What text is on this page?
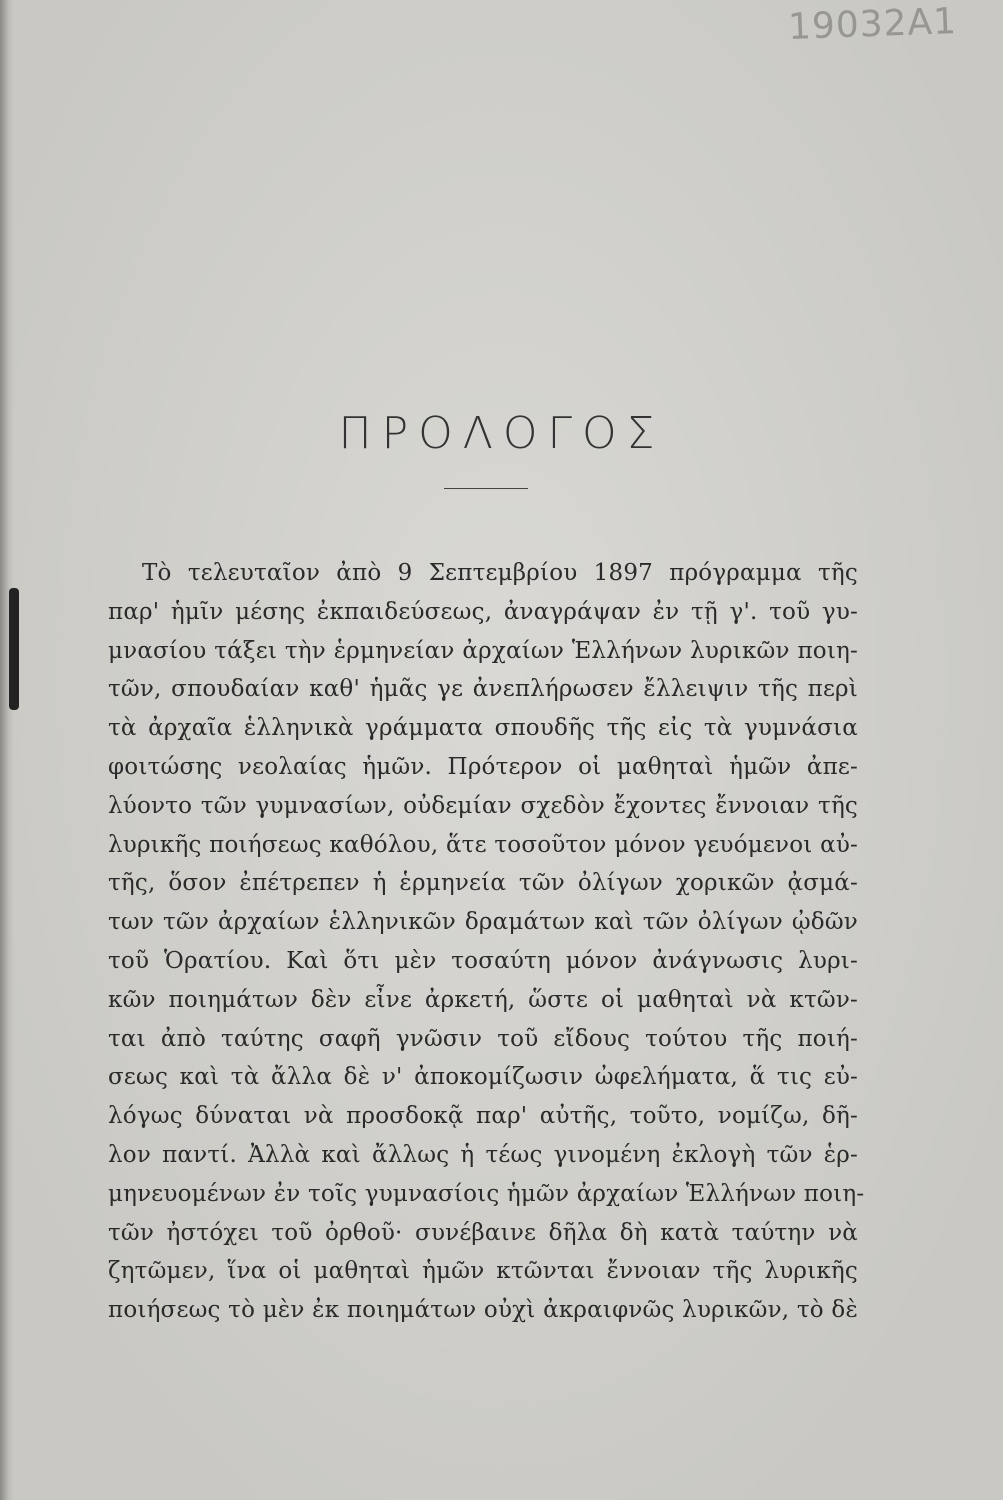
19032A1
ΠΡΟΛΟΓΟΣ
Τὸ τελευταῖον ἀπὸ 9 Σεπτεμβρίου 1897 πρόγραμμα τῆς
παρ' ἡμῖν μέσης ἐκπαιδεύσεως, ἀναγράψαν ἐν τῇ γ'. τοῦ γυ-
μνασίου τάξει τὴν ἑρμηνείαν ἀρχαίων Ἑλλήνων λυρικῶν ποιη-
τῶν, σπουδαίαν καθ' ἡμᾶς γε ἀνεπλήρωσεν ἔλλειψιν τῆς περὶ
τὰ ἀρχαῖα ἑλληνικὰ γράμματα σπουδῆς τῆς εἰς τὰ γυμνάσια
φοιτώσης νεολαίας ἡμῶν. Πρότερον οἱ μαθηταὶ ἡμῶν ἀπε-
λύοντο τῶν γυμνασίων, οὐδεμίαν σχεδὸν ἔχοντες ἔννοιαν τῆς
λυρικῆς ποιήσεως καθόλου, ἅτε τοσοῦτον μόνον γευόμενοι αὐ-
τῆς, ὅσον ἐπέτρεπεν ἡ ἑρμηνεία τῶν ὀλίγων χορικῶν ᾀσμά-
των τῶν ἀρχαίων ἑλληνικῶν δραμάτων καὶ τῶν ὀλίγων ᾠδῶν
τοῦ Ὁρατίου. Καὶ ὅτι μὲν τοσαύτη μόνον ἀνάγνωσις λυρι-
κῶν ποιημάτων δὲν εἶνε ἀρκετή, ὥστε οἱ μαθηταὶ νὰ κτῶν-
ται ἀπὸ ταύτης σαφῆ γνῶσιν τοῦ εἴδους τούτου τῆς ποιή-
σεως καὶ τὰ ἄλλα δὲ ν' ἀποκομίζωσιν ὠφελήματα, ἅ τις εὐ-
λόγως δύναται νὰ προσδοκᾷ παρ' αὐτῆς, τοῦτο, νομίζω, δῆ-
λον παντί. Ἀλλὰ καὶ ἄλλως ἡ τέως γινομένη ἐκλογὴ τῶν ἑρ-
μηνευομένων ἐν τοῖς γυμνασίοις ἡμῶν ἀρχαίων Ἑλλήνων ποιη-
τῶν ἠστόχει τοῦ ὀρθοῦ· συνέβαινε δῆλα δὴ κατὰ ταύτην νὰ
ζητῶμεν, ἵνα οἱ μαθηταὶ ἡμῶν κτῶνται ἔννοιαν τῆς λυρικῆς
ποιήσεως τὸ μὲν ἐκ ποιημάτων οὐχὶ ἀκραιφνῶς λυρικῶν, τὸ δὲ
